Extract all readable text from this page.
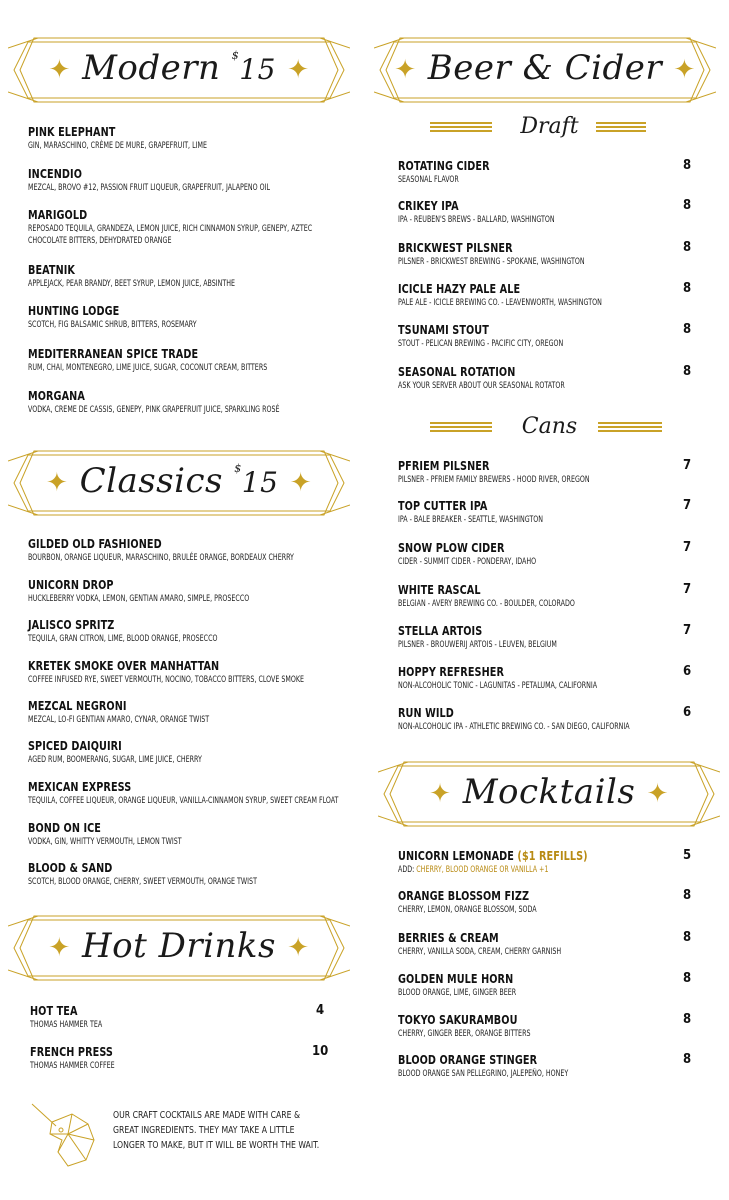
✦ Modern $15 ✦
PINK ELEPHANT
GIN, MARASCHINO, CRÈME DE MURE, GRAPEFRUIT, LIME
INCENDIO
MEZCAL, BROVO #12, PASSION FRUIT LIQUEUR, GRAPEFRUIT, JALAPENO OIL
MARIGOLD
REPOSADO TEQUILA, GRANDEZA, LEMON JUICE, RICH CINNAMON SYRUP, GENEPY, AZTEC
CHOCOLATE BITTERS, DEHYDRATED ORANGE
BEATNIK
APPLEJACK, PEAR BRANDY, BEET SYRUP, LEMON JUICE, ABSINTHE
HUNTING LODGE
SCOTCH, FIG BALSAMIC SHRUB, BITTERS, ROSEMARY
MEDITERRANEAN SPICE TRADE
RUM, CHAI, MONTENEGRO, LIME JUICE, SUGAR, COCONUT CREAM, BITTERS
MORGANA
VODKA, CREME DE CASSIS, GENEPY, PINK GRAPEFRUIT JUICE, SPARKLING ROSÉ
✦ Classics $15 ✦
GILDED OLD FASHIONED
BOURBON, ORANGE LIQUEUR, MARASCHINO, BRULÉE ORANGE, BORDEAUX CHERRY
UNICORN DROP
HUCKLEBERRY VODKA, LEMON, GENTIAN AMARO, SIMPLE, PROSECCO
JALISCO SPRITZ
TEQUILA, GRAN CITRON, LIME, BLOOD ORANGE, PROSECCO
KRETEK SMOKE OVER MANHATTAN
COFFEE INFUSED RYE, SWEET VERMOUTH, NOCINO, TOBACCO BITTERS, CLOVE SMOKE
MEZCAL NEGRONI
MEZCAL, LO-FI GENTIAN AMARO, CYNAR, ORANGE TWIST
SPICED DAIQUIRI
AGED RUM, BOOMERANG, SUGAR, LIME JUICE, CHERRY
MEXICAN EXPRESS
TEQUILA, COFFEE LIQUEUR, ORANGE LIQUEUR, VANILLA-CINNAMON SYRUP, SWEET CREAM FLOAT
BOND ON ICE
VODKA, GIN, WHITTY VERMOUTH, LEMON TWIST
BLOOD & SAND
SCOTCH, BLOOD ORANGE, CHERRY, SWEET VERMOUTH, ORANGE TWIST
✦ Hot Drinks ✦
HOT TEA
THOMAS HAMMER TEA
4
FRENCH PRESS
THOMAS HAMMER COFFEE
10
OUR CRAFT COCKTAILS ARE MADE WITH CARE & GREAT INGREDIENTS. THEY MAY TAKE A LITTLE LONGER TO MAKE, BUT IT WILL BE WORTH THE WAIT.
✦ Beer & Cider ✦
Draft
ROTATING CIDER
SEASONAL FLAVOR
8
CRIKEY IPA
IPA - REUBEN'S BREWS - BALLARD, WASHINGTON
8
BRICKWEST PILSNER
PILSNER - BRICKWEST BREWING - SPOKANE, WASHINGTON
8
ICICLE HAZY PALE ALE
PALE ALE - ICICLE BREWING CO. - LEAVENWORTH, WASHINGTON
8
TSUNAMI STOUT
STOUT - PELICAN BREWING - PACIFIC CITY, OREGON
8
SEASONAL ROTATION
ASK YOUR SERVER ABOUT OUR SEASONAL ROTATOR
8
Cans
PFRIEM PILSNER
PILSNER - PFRIEM FAMILY BREWERS - HOOD RIVER, OREGON
7
TOP CUTTER IPA
IPA - BALE BREAKER - SEATTLE, WASHINGTON
7
SNOW PLOW CIDER
CIDER - SUMMIT CIDER - PONDERAY, IDAHO
7
WHITE RASCAL
BELGIAN - AVERY BREWING CO. - BOULDER, COLORADO
7
STELLA ARTOIS
PILSNER - BROUWERIJ ARTOIS - LEUVEN, BELGIUM
7
HOPPY REFRESHER
NON-ALCOHOLIC TONIC - LAGUNITAS - PETALUMA, CALIFORNIA
6
RUN WILD
NON-ALCOHOLIC IPA - ATHLETIC BREWING CO. - SAN DIEGO, CALIFORNIA
6
✦ Mocktails ✦
UNICORN LEMONADE ($1 REFILLS)
ADD: CHERRY, BLOOD ORANGE OR VANILLA +1
5
ORANGE BLOSSOM FIZZ
CHERRY, LEMON, ORANGE BLOSSOM, SODA
8
BERRIES & CREAM
CHERRY, VANILLA SODA, CREAM, CHERRY GARNISH
8
GOLDEN MULE HORN
BLOOD ORANGE, LIME, GINGER BEER
8
TOKYO SAKURAMBOU
CHERRY, GINGER BEER, ORANGE BITTERS
8
BLOOD ORANGE STINGER
BLOOD ORANGE SAN PELLEGRINO, JALEPEÑO, HONEY
8
